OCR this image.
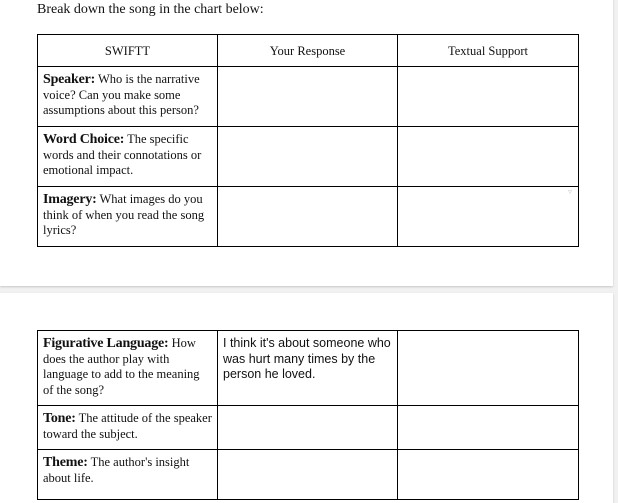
Break down the song in the chart below:
SWIFTT	Your Response	Textual Support
Speaker: Who is the narrative voice? Can you make some assumptions about this person?		
Word Choice: The specific words and their connotations or emotional impact.		
Imagery: What images do you think of when you read the song lyrics?		▿
Figurative Language: How does the author play with language to add to the meaning of the song?	I think it's about someone who was hurt many times by the person he loved.	
Tone: The attitude of the speaker toward the subject.		
Theme: The author's insight about life.		
